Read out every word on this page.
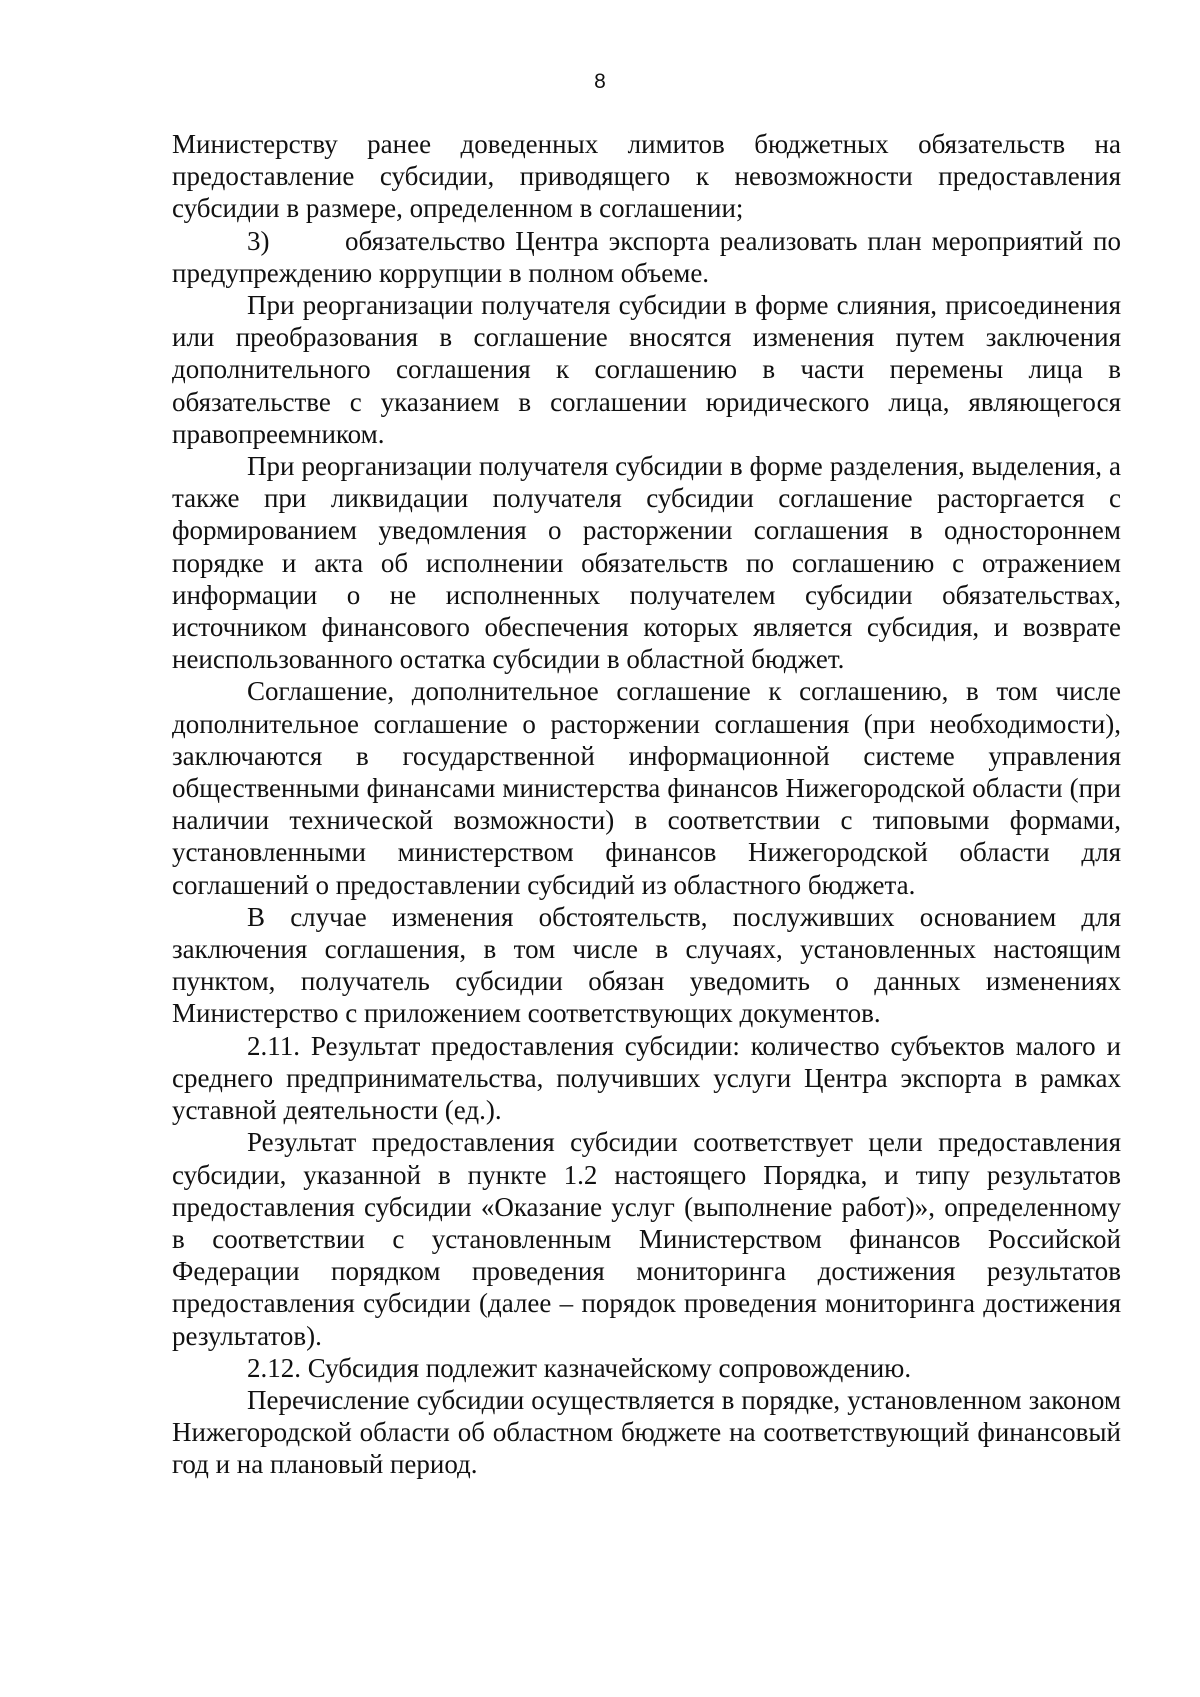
8

Министерству ранее доведенных лимитов бюджетных обязательств на предоставление субсидии, приводящего к невозможности предоставления субсидии в размере, определенном в соглашении;

3)	обязательство Центра экспорта реализовать план мероприятий по предупреждению коррупции в полном объеме.

При реорганизации получателя субсидии в форме слияния, присоединения или преобразования в соглашение вносятся изменения путем заключения дополнительного соглашения к соглашению в части перемены лица в обязательстве с указанием в соглашении юридического лица, являющегося правопреемником.

При реорганизации получателя субсидии в форме разделения, выделения, а также при ликвидации получателя субсидии соглашение расторгается с формированием уведомления о расторжении соглашения в одностороннем порядке и акта об исполнении обязательств по соглашению с отражением информации о не исполненных получателем субсидии обязательствах, источником финансового обеспечения которых является субсидия, и возврате неиспользованного остатка субсидии в областной бюджет.

Соглашение, дополнительное соглашение к соглашению, в том числе дополнительное соглашение о расторжении соглашения (при необходимости), заключаются в государственной информационной системе управления общественными финансами министерства финансов Нижегородской области (при наличии технической возможности) в соответствии с типовыми формами, установленными министерством финансов Нижегородской области для соглашений о предоставлении субсидий из областного бюджета.

В случае изменения обстоятельств, послуживших основанием для заключения соглашения, в том числе в случаях, установленных настоящим пунктом, получатель субсидии обязан уведомить о данных изменениях Министерство с приложением соответствующих документов.

2.11. Результат предоставления субсидии: количество субъектов малого и среднего предпринимательства, получивших услуги Центра экспорта в рамках уставной деятельности (ед.).

Результат предоставления субсидии соответствует цели предоставления субсидии, указанной в пункте 1.2 настоящего Порядка, и типу результатов предоставления субсидии «Оказание услуг (выполнение работ)», определенному в соответствии с установленным Министерством финансов Российской Федерации порядком проведения мониторинга достижения результатов предоставления субсидии (далее – порядок проведения мониторинга достижения результатов).

2.12. Субсидия подлежит казначейскому сопровождению.

Перечисление субсидии осуществляется в порядке, установленном законом Нижегородской области об областном бюджете на соответствующий финансовый год и на плановый период.
